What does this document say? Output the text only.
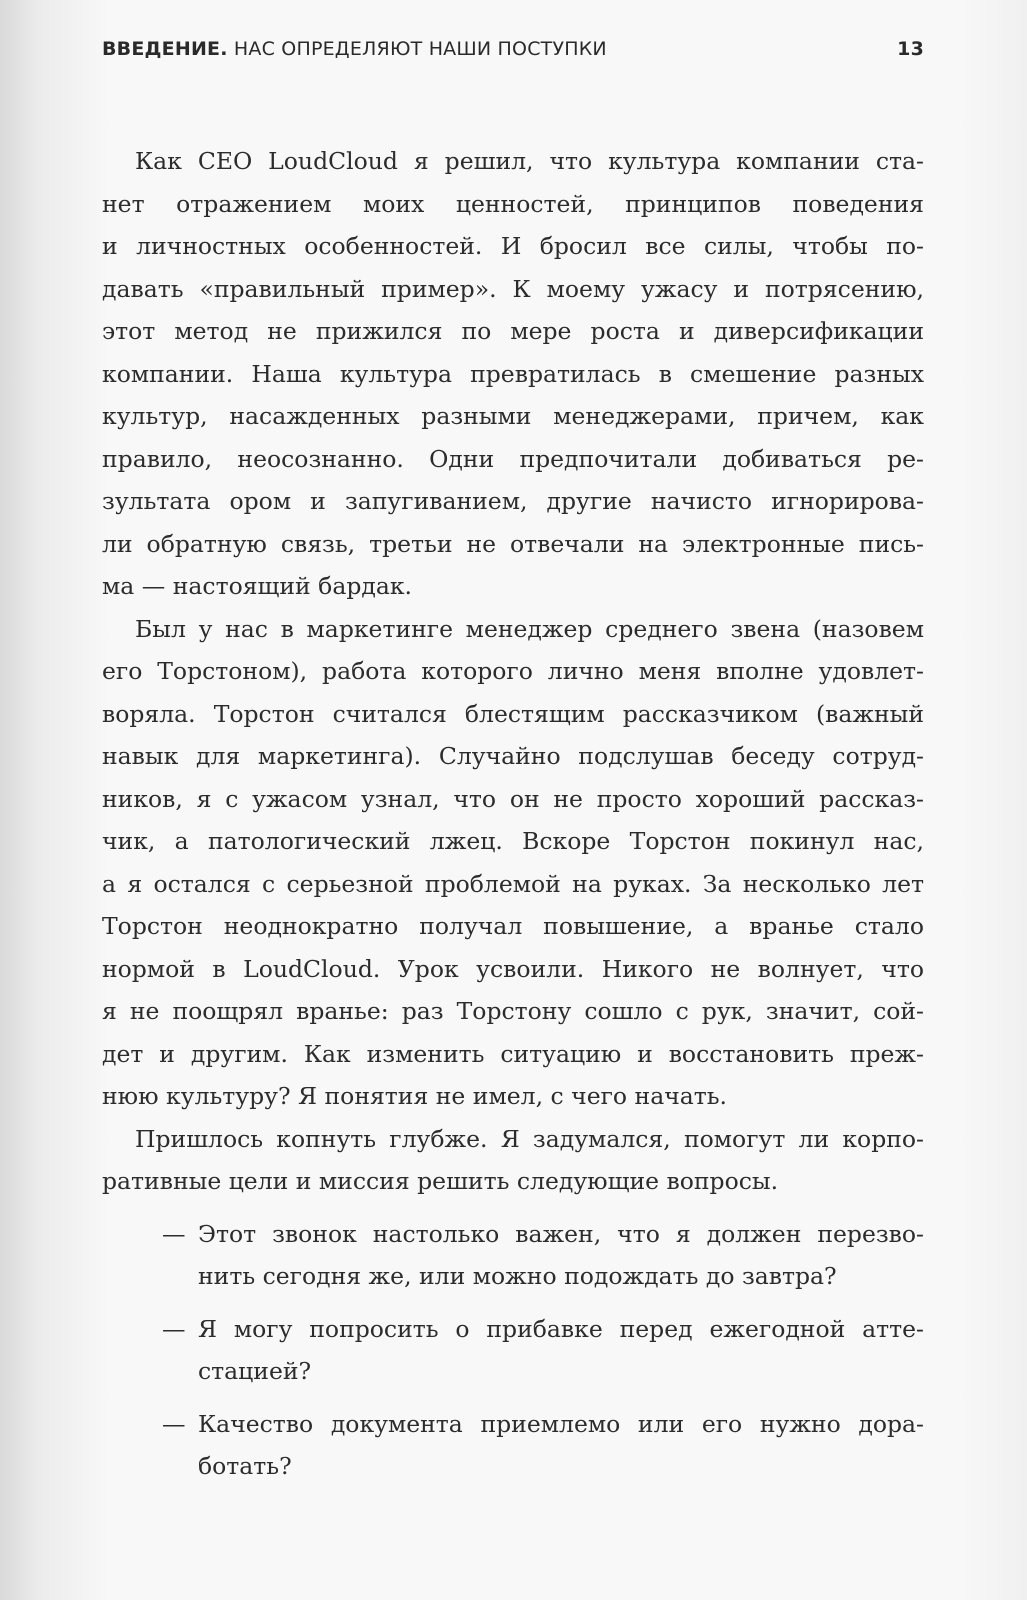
ВВЕДЕНИЕ. НАС ОПРЕДЕЛЯЮТ НАШИ ПОСТУПКИ	13
Как CEO LoudCloud я решил, что культура компании ста-
нет отражением моих ценностей, принципов поведения
и личностных особенностей. И бросил все силы, чтобы по-
давать «правильный пример». К моему ужасу и потрясению,
этот метод не прижился по мере роста и диверсификации
компании. Наша культура превратилась в смешение разных
культур, насажденных разными менеджерами, причем, как
правило, неосознанно. Одни предпочитали добиваться ре-
зультата ором и запугиванием, другие начисто игнорирова-
ли обратную связь, третьи не отвечали на электронные пись-
ма — настоящий бардак.
Был у нас в маркетинге менеджер среднего звена (назовем
его Торстоном), работа которого лично меня вполне удовлет-
воряла. Торстон считался блестящим рассказчиком (важный
навык для маркетинга). Случайно подслушав беседу сотруд-
ников, я с ужасом узнал, что он не просто хороший рассказ-
чик, а патологический лжец. Вскоре Торстон покинул нас,
а я остался с серьезной проблемой на руках. За несколько лет
Торстон неоднократно получал повышение, а вранье стало
нормой в LoudCloud. Урок усвоили. Никого не волнует, что
я не поощрял вранье: раз Торстону сошло с рук, значит, сой-
дет и другим. Как изменить ситуацию и восстановить преж-
нюю культуру? Я понятия не имел, с чего начать.
Пришлось копнуть глубже. Я задумался, помогут ли корпо-
ративные цели и миссия решить следующие вопросы.
— Этот звонок настолько важен, что я должен перезво-
нить сегодня же, или можно подождать до завтра?
— Я могу попросить о прибавке перед ежегодной атте-
стацией?
— Качество документа приемлемо или его нужно дора-
ботать?
